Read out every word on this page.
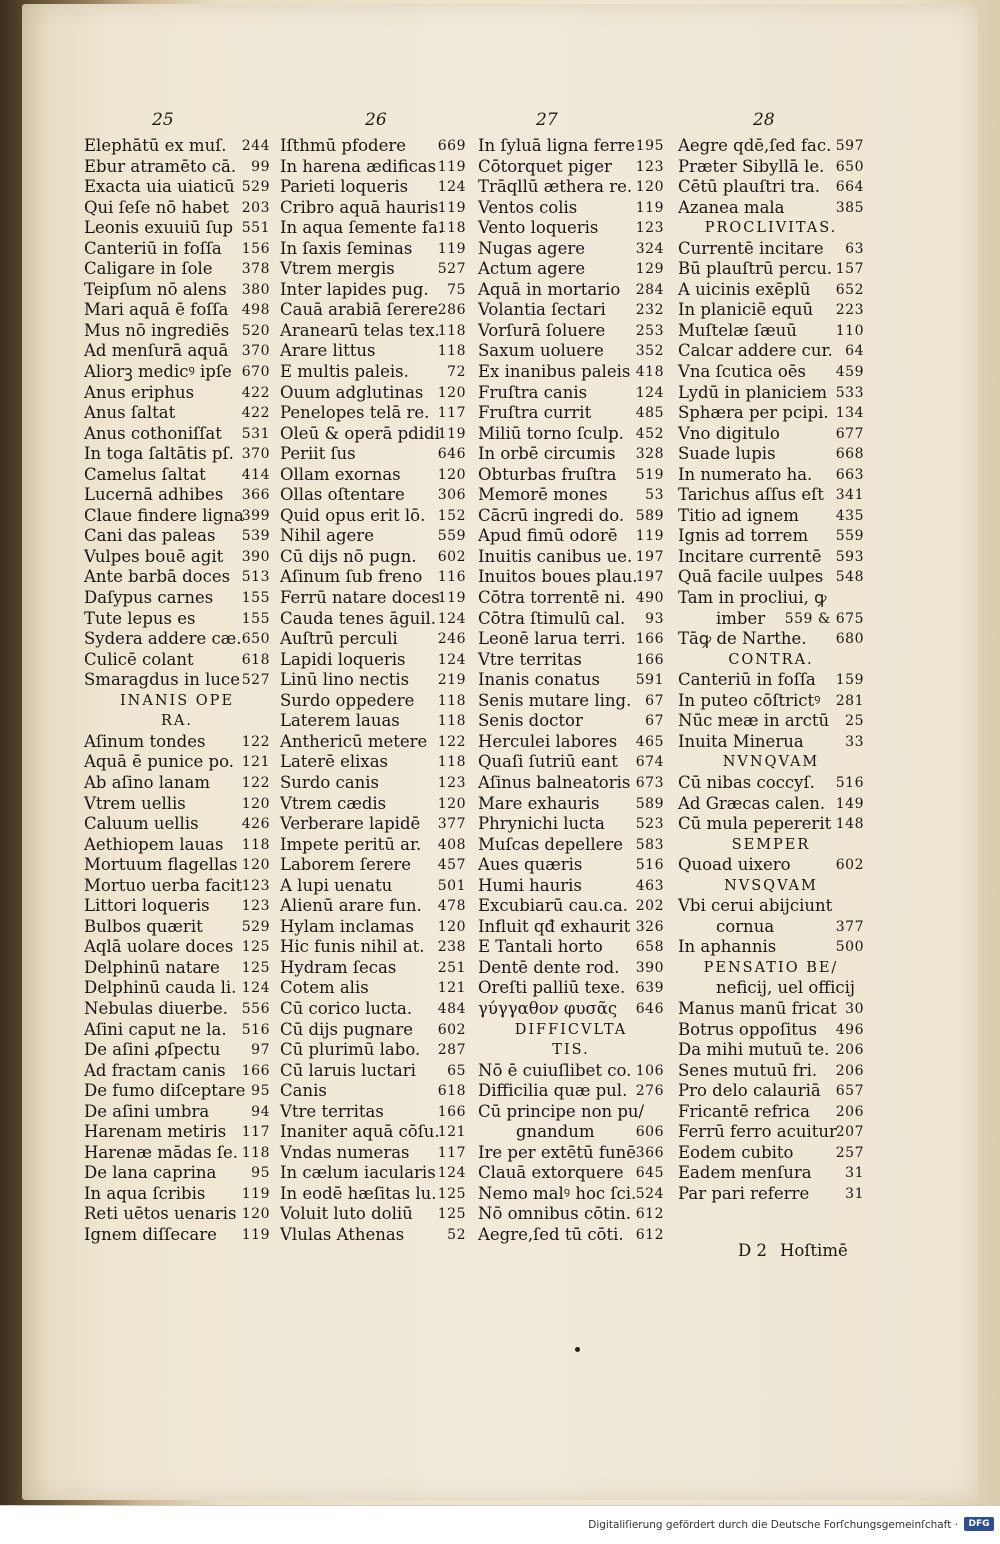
25	26	27	28
Elephātū ex muſ. 244
Ebur atramēto cā. 99
Exacta uia uiaticū 529
Qui ſeſe nō habet 203
Leonis exuuiū ſup 551
Canteriū in foſſa 156
Caligare in ſole 378
Teipſum nō alens 380
Mari aquā ē foſſa 498
Mus nō ingrediēs 520
Ad menſurā aquā 370
Aliorꝫ medicꝰ ipſe 670
Anus eriphus	422
Anus ſaltat	422
Anus cothoniſſat 531
In toga ſaltātis pſ. 370
Camelus ſaltat	414
Lucernā adhibes 366
Claue findere ligna
399
Cani das paleas 539
Vulpes bouē agit 390
Ante barbā doces 513
Daſypus carnes 155
Tute lepus es	155
Sydera addere cæ. 650
Culicē colant	618
Smaragdus in luce 527
INANIS OPE
RA.
Aſinum tondes	122
Aquā ē punice po. 121
Ab aſino lanam 122
Vtrem uellis	120
Caluum uellis	426
Aethiopem lauas 118
Mortuum flagellas 120
Mortuo uerba facit 123
Littori loqueris 123
Bulbos quærit	529
Aqlā uolare doces 125
Delphinū natare 125
Delphinū cauda li. 124
Nebulas diuerbe. 556
Aſini caput ne la. 516
De aſini ꝓſpectu 97
Ad fractam canis 166
De fumo diſceptare 95
De aſini umbra	94
Harenam metiris 117
Harenæ mādas ſe. 118
De lana caprina 95
In aqua ſcribis	119
Reti uētos uenaris 120
Ignem diſſecare 119
Iſthmū pfodere 669
In harena ædificas 119
Parieti loqueris 124
Cribro aquā hauris 119
In aqua ſemente fa.
118
In ſaxis ſeminas 119
Vtrem mergis	527
Inter lapides pug. 75
Cauā arabiā ſerere 286
Aranearū telas tex.
118
Arare littus	118
E multis paleis.	72
Ouum adglutinas 120
Penelopes telā re. 117
Oleū & operā pdidi
119
Periit ſus	646
Ollam exornas	120
Ollas oſtentare 306
Quid opus erit lō. 152
Nihil agere	559
Cū dijs nō pugn. 602
Aſinum ſub freno 116
Ferrū natare doces
119
Cauda tenes āguil. 124
Auſtrū perculi	246
Lapidi loqueris 124
Linū lino nectis 219
Surdo oppedere 118
Laterem lauas	118
Anthericū metere 122
Laterē elixas	118
Surdo canis	123
Vtrem cædis	120
Verberare lapidē 377
Impete peritū ar. 408
Laborem ſerere 457
A lupi uenatu	501
Alienū arare fun. 478
Hylam inclamas 120
Hic funis nihil at. 238
Hydram ſecas	251
Cotem alis	121
Cū corico lucta. 484
Cū dijs pugnare 602
Cū plurimū labo. 287
Cū laruis luctari 65
Canis	618
Vtre territas	166
Inaniter aquā cōſu.
121
Vndas numeras 117
In cælum iacularis 124
In eodē hæſitas lu. 125
Voluit luto doliū 125
Vlulas Athenas	52
In ſyluā ligna ferre 195
Cōtorquet piger 123
Trāqllū æthera re. 120
Ventos colis	119
Vento loqueris	123
Nugas agere	324
Actum agere	129
Aquā in mortario 284
Volantia ſectari 232
Vorſurā ſoluere 253
Saxum uoluere 352
Ex inanibus paleis 418
Fruſtra canis	124
Fruſtra currit	485
Miliū torno ſculp. 452
In orbē circumis 328
Obturbas fruſtra 519
Memorē mones	53
Cācrū ingredi do. 589
Apud fimū odorē 119
Inuitis canibus ue. 197
Inuitos boues plau.
197
Cōtra torrentē ni. 490
Cōtra ſtimulū cal. 93
Leonē larua terri. 166
Vtre territas	166
Inanis conatus	591
Senis mutare ling. 67
Senis doctor	67
Herculei labores 465
Quaſi ſutriū eant 674
Aſinus balneatoris 673
Mare exhauris	589
Phrynichi lucta 523
Muſcas depellere 583
Aues quæris	516
Humi hauris	463
Excubiarū cau.ca. 202
Influit qđ exhaurit 326
E Tantali horto 658
Dentē dente rod. 390
Oreſti palliū texe. 639
γύγγαθον φυσᾶς 646
DIFFICVLTA
TIS.
Nō ē cuiuſlibet co. 106
Difficilia quæ pul. 276
Cū principe non pu/
gnandum	606
Ire per extētū funē 366
Clauā extorquere 645
Nemo malꝰ hoc ſci. 524
Nō omnibus cōtin. 612
Aegre,ſed tū cōti. 612
Aegre qdē,ſed fac. 597
Præter Sibyllā le. 650
Cētū plauſtri tra. 664
Azanea mala	385
PROCLIVITAS.
Currentē incitare 63
Bū plauſtrū percu. 157
A uicinis exēplū 652
In planiciē equū 223
Muſtelæ ſæuū	110
Calcar addere cur. 64
Vna ſcutica oēs 459
Lydū in planiciem 533
Sphæra per pcipi. 134
Vno digitulo	677
Suade lupis	668
In numerato ha. 663
Tarichus aſſus eſt 341
Titio ad ignem	435
Ignis ad torrem 559
Incitare currentē 593
Quā facile uulpes 548
Tam in procliui, ꝙ
imber 559 & 675
Tāꝙ de Narthe. 680
CONTRA.
Canteriū in foſſa 159
In puteo cōſtrictꝰ 281
Nūc meæ in arctū 25
Inuita Minerua	33
NVNQVAM
Cū nibas coccyſ. 516
Ad Græcas calen. 149
Cū mula pepererit 148
SEMPER
Quoad uixero	602
NVSQVAM
Vbi cerui abijciunt
cornua	377
In aphannis	500
PENSATIO BE/
neficij, uel officij
Manus manū fricat 30
Botrus oppoſitus 496
Da mihi mutuū te. 206
Senes mutuū fri. 206
Pro delo calauriā 657
Fricantē refrica 206
Ferrū ferro acuitur
207
Eodem cubito	257
Eadem menſura 31
Par pari referre	31
D 2 Hoſtimē
Digitaliſierung gefördert durch die Deutsche Forſchungsgemeinſchaft ·	DFG
